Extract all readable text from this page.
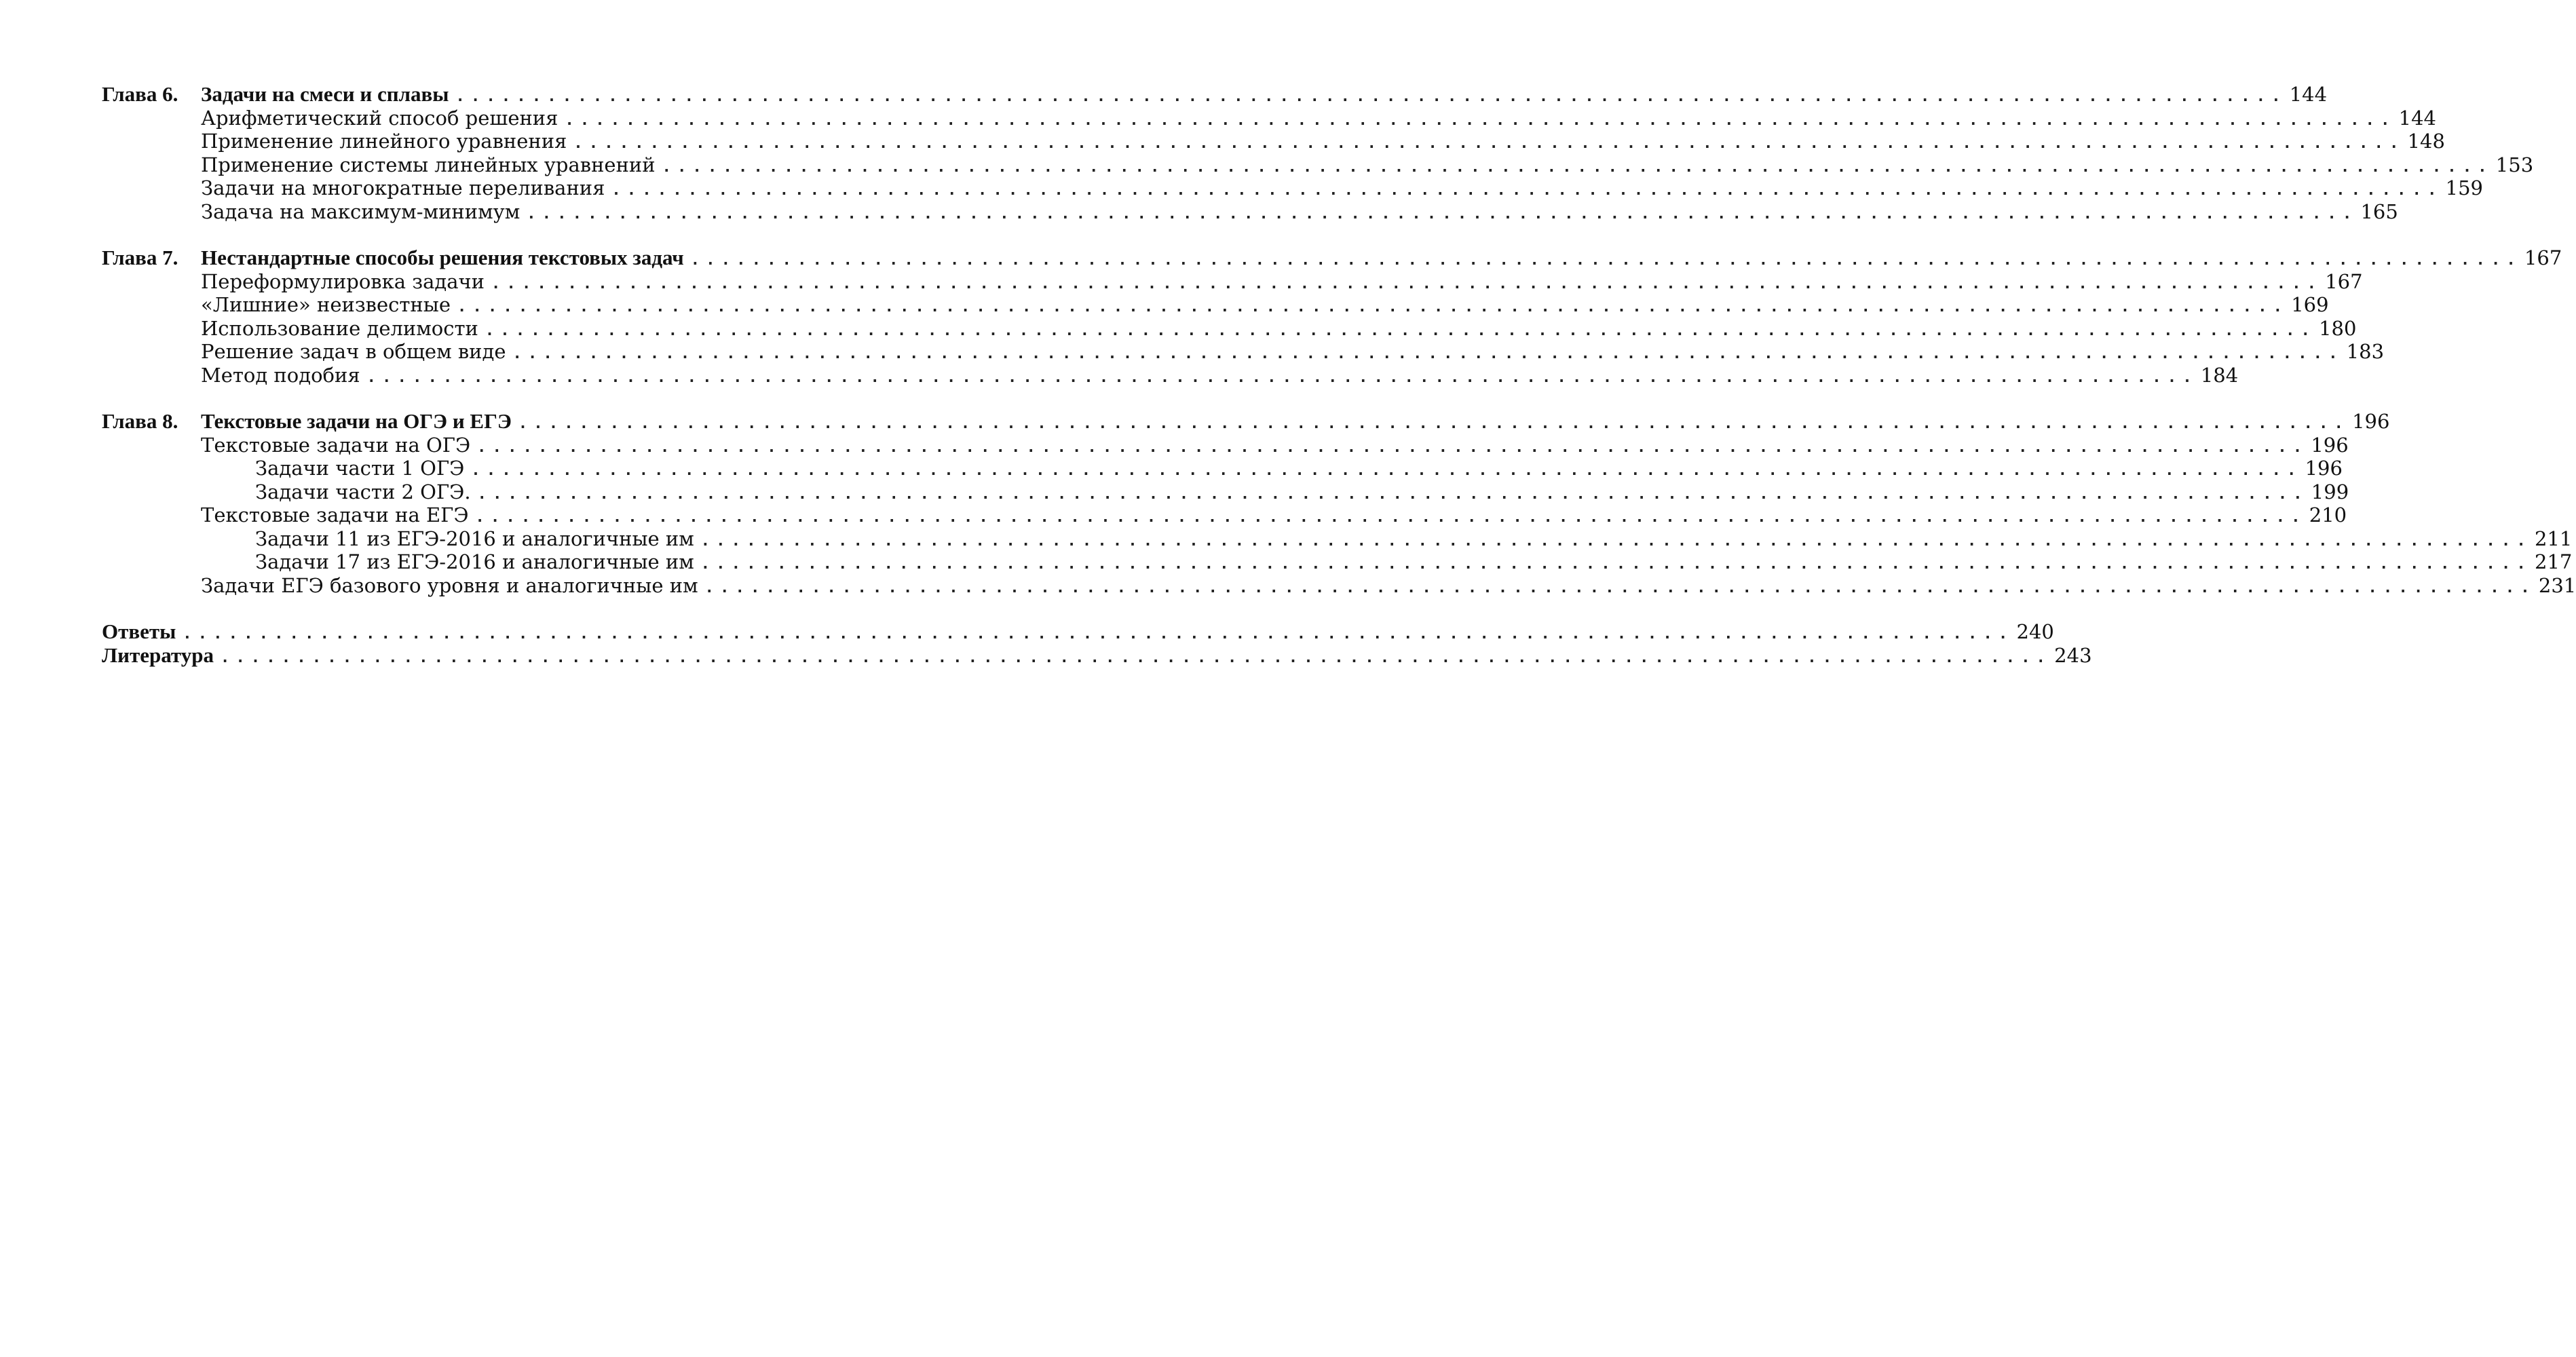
Глава 6.	Задачи на смеси и сплавы ........................................................................................................................ 144
Арифметический способ решения ........................................................................................................................ 144
Применение линейного уравнения ........................................................................................................................ 148
Применение системы линейных уравнений ........................................................................................................................ 153
Задачи на многократные переливания ........................................................................................................................ 159
Задача на максимум-минимум ........................................................................................................................ 165
Глава 7.	Нестандартные способы решения текстовых задач ........................................................................................................................ 167
Переформулировка задачи ........................................................................................................................ 167
«Лишние» неизвестные ........................................................................................................................ 169
Использование делимости ........................................................................................................................ 180
Решение задач в общем виде ........................................................................................................................ 183
Метод подобия ........................................................................................................................ 184
Глава 8.	Текстовые задачи на ОГЭ и ЕГЭ ........................................................................................................................ 196
Текстовые задачи на ОГЭ ........................................................................................................................ 196
Задачи части 1 ОГЭ ........................................................................................................................ 196
Задачи части 2 ОГЭ. ........................................................................................................................ 199
Текстовые задачи на ЕГЭ ........................................................................................................................ 210
Задачи 11 из ЕГЭ-2016 и аналогичные им ........................................................................................................................ 211
Задачи 17 из ЕГЭ-2016 и аналогичные им ........................................................................................................................ 217
Задачи ЕГЭ базового уровня и аналогичные им ........................................................................................................................ 231
Ответы ........................................................................................................................ 240
Литература ........................................................................................................................ 243
